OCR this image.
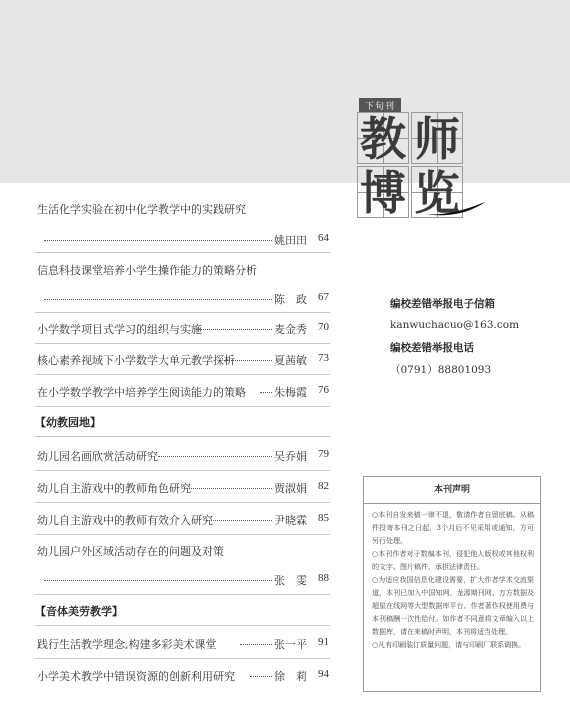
下旬刊
教 师
博 览
生活化学实验在初中化学教学中的实践研究
姚田田 64
信息科技课堂培养小学生操作能力的策略分析
陈　政 67
小学数学项目式学习的组织与实施	麦金秀 70
核心素养视域下小学数学大单元教学探析	夏茜敏 73
在小学数学教学中培养学生阅读能力的策略	朱梅霞 76
【幼教园地】
幼儿园名画欣赏活动研究	吴乔娟 79
幼儿自主游戏中的教师角色研究	贾淑娟 82
幼儿自主游戏中的教师有效介入研究	尹晓霖 85
幼儿园户外区域活动存在的问题及对策
张　雯 88
【音体美劳教学】
践行生活教学理念,构建多彩美术课堂	张一平 91
小学美术教学中错误资源的创新利用研究	徐　莉 94
编校差错举报电子信箱
kanwuchacuo@163.com
编校差错举报电话
（0791）88801093
本刊声明

○本刊自发来稿一律不退，敬请作者自留底稿。从稿件投寄本刊之日起，3个月后不见采用或通知，方可另行处理。

○本刊作者对于数编本刊，侵犯他人版权或其他权利的文字、图片稿件，承担法律责任。

○为适应我国信息化建设需要，扩大作者学术交流渠道，本刊已加入中国知网、龙源期刊网、万方数据及超星在线网等大型数据库平台。作者著作权使用费与本刊稿酬一次性给付。如作者不同意将文章编入以上数据库，请在来稿时声明，本刊将适当处理。

○凡有印刷装订质量问题，请与印刷厂联系调换。
